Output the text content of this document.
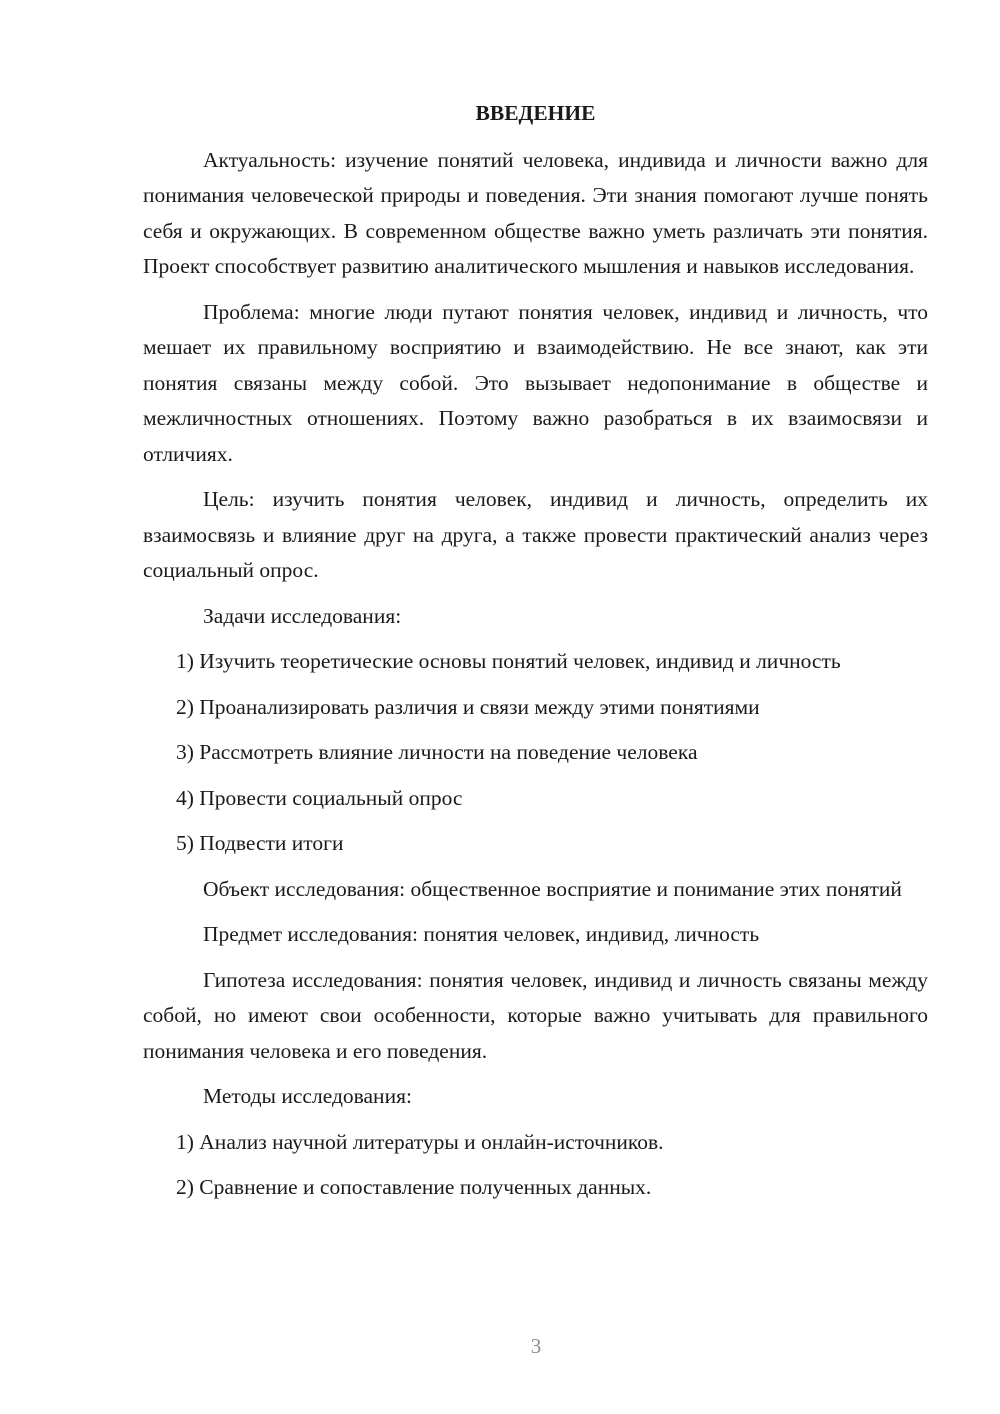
ВВЕДЕНИЕ

Актуальность: изучение понятий человека, индивида и личности важно для понимания человеческой природы и поведения. Эти знания помогают лучше понять себя и окружающих. В современном обществе важно уметь различать эти понятия. Проект способствует развитию аналитического мышления и навыков исследования.

Проблема: многие люди путают понятия человек, индивид и личность, что мешает их правильному восприятию и взаимодействию. Не все знают, как эти понятия связаны между собой. Это вызывает недопонимание в обществе и межличностных отношениях. Поэтому важно разобраться в их взаимосвязи и отличиях.

Цель: изучить понятия человек, индивид и личность, определить их взаимосвязь и влияние друг на друга, а также провести практический анализ через социальный опрос.

Задачи исследования:

1) Изучить теоретические основы понятий человек, индивид и личность

2) Проанализировать различия и связи между этими понятиями

3) Рассмотреть влияние личности на поведение человека

4) Провести социальный опрос

5) Подвести итоги

Объект исследования: общественное восприятие и понимание этих понятий

Предмет исследования: понятия человек, индивид, личность

Гипотеза исследования: понятия человек, индивид и личность связаны между собой, но имеют свои особенности, которые важно учитывать для правильного понимания человека и его поведения.

Методы исследования:

1) Анализ научной литературы и онлайн-источников.

2) Сравнение и сопоставление полученных данных.

3
